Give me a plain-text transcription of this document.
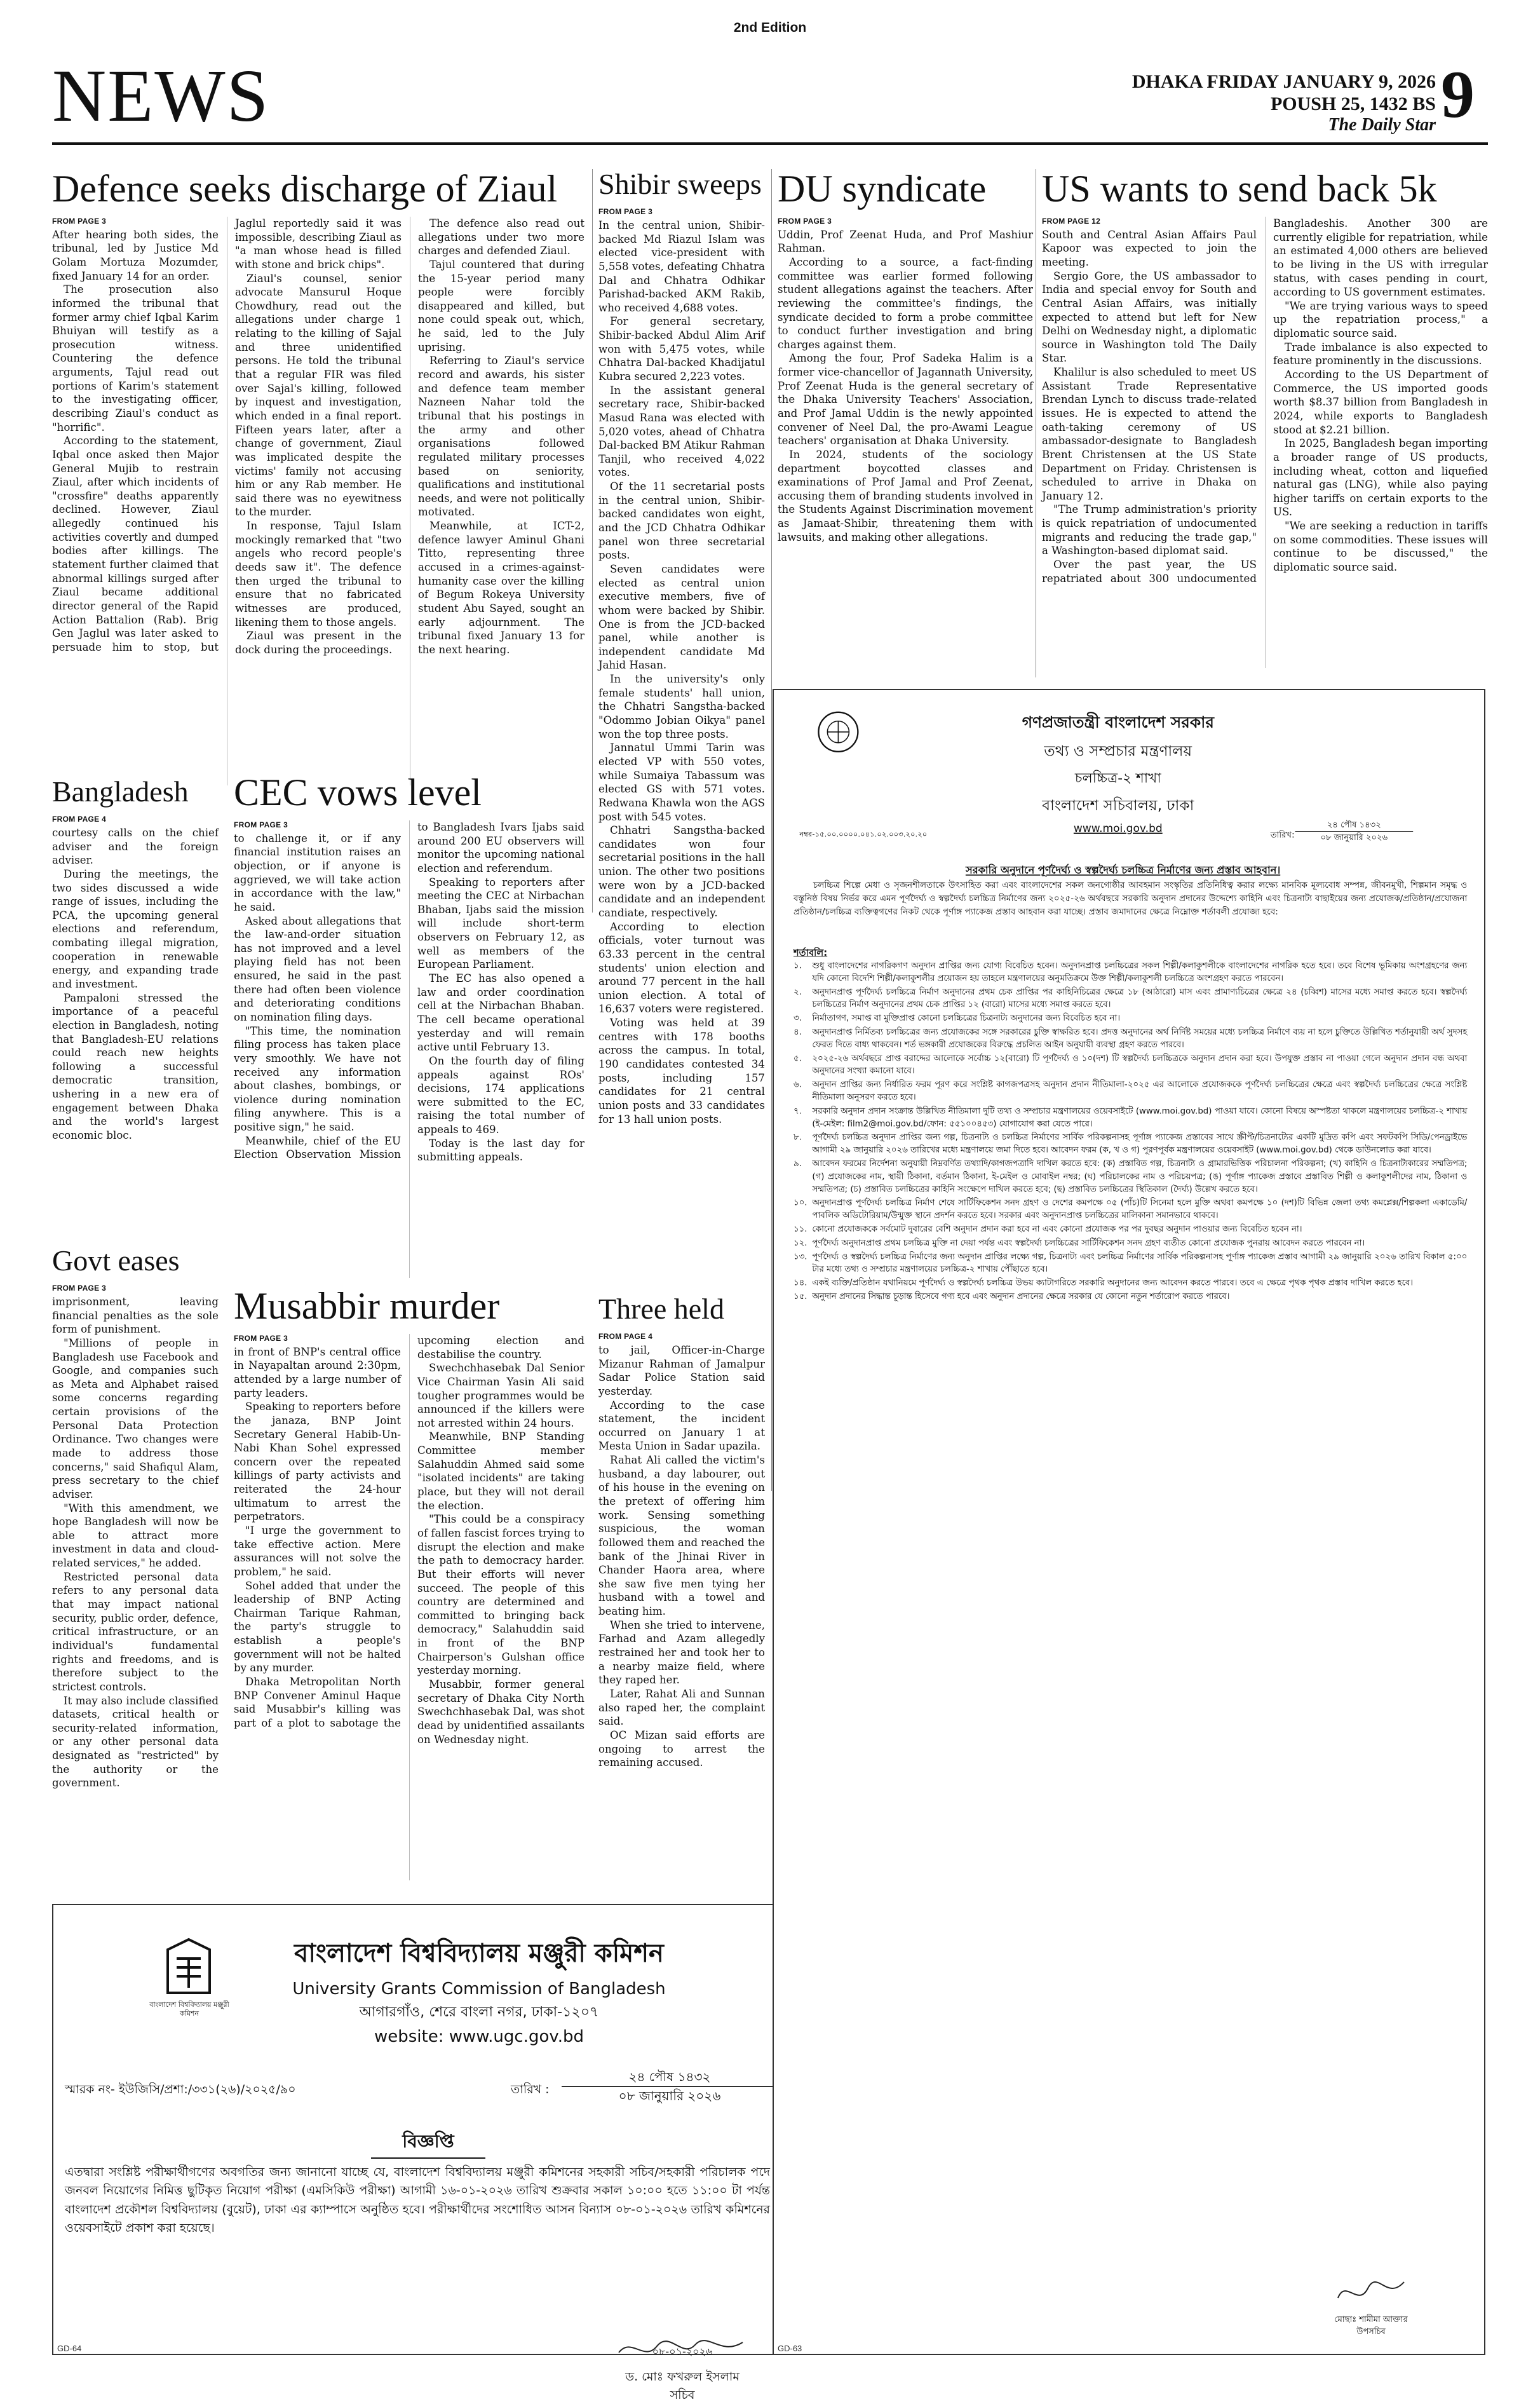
2nd Edition
NEWS	DHAKA FRIDAY JANUARY 9, 2026
POUSH 25, 1432 BS
The Daily Star 9
Defence seeks discharge of Ziaul
FROM PAGE 3

After hearing both sides, the tribunal, led by Justice Md Golam Mortuza Mozumder, fixed January 14 for an order.

The prosecution also informed the tribunal that former army chief Iqbal Karim Bhuiyan will testify as a prosecution witness. Countering the defence arguments, Tajul read out portions of Karim's statement to the investigating officer, describing Ziaul's conduct as "horrific".

According to the statement, Iqbal once asked then Major General Mujib to restrain Ziaul, after which incidents of "crossfire" deaths apparently declined. However, Ziaul allegedly continued his activities covertly and dumped bodies after killings. The statement further claimed that abnormal killings surged after Ziaul became additional director general of the Rapid Action Battalion (Rab). Brig Gen Jaglul was later asked to persuade him to stop, but Jaglul reportedly said it was impossible, describing Ziaul as "a man whose head is filled with stone and brick chips".

Ziaul's counsel, senior advocate Mansurul Hoque Chowdhury, read out the allegations under charge 1 relating to the killing of Sajal and three unidentified persons. He told the tribunal that a regular FIR was filed over Sajal's killing, followed by inquest and investigation, which ended in a final report. Fifteen years later, after a change of government, Ziaul was implicated despite the victims' family not accusing him or any Rab member. He said there was no eyewitness to the murder.

In response, Tajul Islam mockingly remarked that "two angels who record people's deeds saw it". The defence then urged the tribunal to ensure that no fabricated witnesses are produced, likening them to those angels.

Ziaul was present in the dock during the proceedings.

The defence also read out allegations under two more charges and defended Ziaul.

Tajul countered that during the 15-year period many people were forcibly disappeared and killed, but none could speak out, which, he said, led to the July uprising.

Referring to Ziaul's service record and awards, his sister and defence team member Nazneen Nahar told the tribunal that his postings in the army and other organisations followed regulated military processes based on seniority, qualifications and institutional needs, and were not politically motivated.

Meanwhile, at ICT-2, defence lawyer Aminul Ghani Titto, representing three accused in a crimes-against-humanity case over the killing of Begum Rokeya University student Abu Sayed, sought an early adjournment. The tribunal fixed January 13 for the next hearing.

Shibir sweeps
FROM PAGE 3

In the central union, Shibir-backed Md Riazul Islam was elected vice-president with 5,558 votes, defeating Chhatra Dal and Chhatra Odhikar Parishad-backed AKM Rakib, who received 4,688 votes.

For general secretary, Shibir-backed Abdul Alim Arif won with 5,475 votes, while Chhatra Dal-backed Khadijatul Kubra secured 2,223 votes.

In the assistant general secretary race, Shibir-backed Masud Rana was elected with 5,020 votes, ahead of Chhatra Dal-backed BM Atikur Rahman Tanjil, who received 4,022 votes.

Of the 11 secretarial posts in the central union, Shibir-backed candidates won eight, and the JCD Chhatra Odhikar panel won three secretarial posts.

Seven candidates were elected as central union executive members, five of whom were backed by Shibir. One is from the JCD-backed panel, while another is independent candidate Md Jahid Hasan.

In the university's only female students' hall union, the Chhatri Sangstha-backed "Odommo Jobian Oikya" panel won the top three posts.

Jannatul Ummi Tarin was elected VP with 550 votes, while Sumaiya Tabassum was elected GS with 571 votes. Redwana Khawla won the AGS post with 545 votes.

Chhatri Sangstha-backed candidates won four secretarial positions in the hall union. The other two positions were won by a JCD-backed candidate and an independent candiate, respectively.

According to election officials, voter turnout was 63.33 percent in the central students' union election and around 77 percent in the hall union election. A total of 16,637 voters were registered.

Voting was held at 39 centres with 178 booths across the campus. In total, 190 candidates contested 34 posts, including 157 candidates for 21 central union posts and 33 candidates for 13 hall union posts.

DU syndicate
FROM PAGE 3

Uddin, Prof Zeenat Huda, and Prof Mashiur Rahman.

According to a source, a fact-finding committee was earlier formed following student allegations against the teachers. After reviewing the committee's findings, the syndicate decided to form a probe committee to conduct further investigation and bring charges against them.

Among the four, Prof Sadeka Halim is a former vice-chancellor of Jagannath University, Prof Zeenat Huda is the general secretary of the Dhaka University Teachers' Association, and Prof Jamal Uddin is the newly appointed convener of Neel Dal, the pro-Awami League teachers' organisation at Dhaka University.

In 2024, students of the sociology department boycotted classes and examinations of Prof Jamal and Prof Zeenat, accusing them of branding students involved in the Students Against Discrimination movement as Jamaat-Shibir, threatening them with lawsuits, and making other allegations.

US wants to send back 5k
FROM PAGE 12

South and Central Asian Affairs Paul Kapoor was expected to join the meeting.

Sergio Gore, the US ambassador to India and special envoy for South and Central Asian Affairs, was initially expected to attend but left for New Delhi on Wednesday night, a diplomatic source in Washington told The Daily Star.

Khalilur is also scheduled to meet US Assistant Trade Representative Brendan Lynch to discuss trade-related issues. He is expected to attend the oath-taking ceremony of US ambassador-designate to Bangladesh Brent Christensen at the US State Department on Friday. Christensen is scheduled to arrive in Dhaka on January 12.

"The Trump administration's priority is quick repatriation of undocumented migrants and reducing the trade gap," a Washington-based diplomat said.

Over the past year, the US repatriated about 300 undocumented Bangladeshis. Another 300 are currently eligible for repatriation, while an estimated 4,000 others are believed to be living in the US with irregular status, with cases pending in court, according to US government estimates.

"We are trying various ways to speed up the repatriation process," a diplomatic source said.

Trade imbalance is also expected to feature prominently in the discussions.

According to the US Department of Commerce, the US imported goods worth $8.37 billion from Bangladesh in 2024, while exports to Bangladesh stood at $2.21 billion.

In 2025, Bangladesh began importing a broader range of US products, including wheat, cotton and liquefied natural gas (LNG), while also paying higher tariffs on certain exports to the US.

"We are seeking a reduction in tariffs on some commodities. These issues will continue to be discussed," the diplomatic source said.

Bangladesh
FROM PAGE 4

courtesy calls on the chief adviser and the foreign adviser.

During the meetings, the two sides discussed a wide range of issues, including the PCA, the upcoming general elections and referendum, combating illegal migration, cooperation in renewable energy, and expanding trade and investment.

Pampaloni stressed the importance of a peaceful election in Bangladesh, noting that Bangladesh-EU relations could reach new heights following a successful democratic transition, ushering in a new era of engagement between Dhaka and the world's largest economic bloc.

CEC vows level
FROM PAGE 3

to challenge it, or if any financial institution raises an objection, or if anyone is aggrieved, we will take action in accordance with the law," he said.

Asked about allegations that the law-and-order situation has not improved and a level playing field has not been ensured, he said in the past there had often been violence and deteriorating conditions on nomination filing days.

"This time, the nomination filing process has taken place very smoothly. We have not received any information about clashes, bombings, or violence during nomination filing anywhere. This is a positive sign," he said.

Meanwhile, chief of the EU Election Observation Mission to Bangladesh Ivars Ijabs said around 200 EU observers will monitor the upcoming national election and referendum.

Speaking to reporters after meeting the CEC at Nirbachan Bhaban, Ijabs said the mission will include short-term observers on February 12, as well as members of the European Parliament.

The EC has also opened a law and order coordination cell at the Nirbachan Bhaban. The cell became operational yesterday and will remain active until February 13.

On the fourth day of filing appeals against ROs' decisions, 174 applications were submitted to the EC, raising the total number of appeals to 469.

Today is the last day for submitting appeals.

Govt eases
FROM PAGE 3

imprisonment, leaving financial penalties as the sole form of punishment.

"Millions of people in Bangladesh use Facebook and Google, and companies such as Meta and Alphabet raised some concerns regarding certain provisions of the Personal Data Protection Ordinance. Two changes were made to address those concerns," said Shafiqul Alam, press secretary to the chief adviser.

"With this amendment, we hope Bangladesh will now be able to attract more investment in data and cloud-related services," he added.

Restricted personal data refers to any personal data that may impact national security, public order, defence, critical infrastructure, or an individual's fundamental rights and freedoms, and is therefore subject to the strictest controls.

It may also include classified datasets, critical health or security-related information, or any other personal data designated as "restricted" by the authority or the government.

Musabbir murder
FROM PAGE 3

in front of BNP's central office in Nayapaltan around 2:30pm, attended by a large number of party leaders.

Speaking to reporters before the janaza, BNP Joint Secretary General Habib-Un-Nabi Khan Sohel expressed concern over the repeated killings of party activists and reiterated the 24-hour ultimatum to arrest the perpetrators.

"I urge the government to take effective action. Mere assurances will not solve the problem," he said.

Sohel added that under the leadership of BNP Acting Chairman Tarique Rahman, the party's struggle to establish a people's government will not be halted by any murder.

Dhaka Metropolitan North BNP Convener Aminul Haque said Musabbir's killing was part of a plot to sabotage the upcoming election and destabilise the country.

Swechchhasebak Dal Senior Vice Chairman Yasin Ali said tougher programmes would be announced if the killers were not arrested within 24 hours.

Meanwhile, BNP Standing Committee member Salahuddin Ahmed said some "isolated incidents" are taking place, but they will not derail the election.

"This could be a conspiracy of fallen fascist forces trying to disrupt the election and make the path to democracy harder. But their efforts will never succeed. The people of this country are determined and committed to bringing back democracy," Salahuddin said in front of the BNP Chairperson's Gulshan office yesterday morning.

Musabbir, former general secretary of Dhaka City North Swechchhasebak Dal, was shot dead by unidentified assailants on Wednesday night.

Three held
FROM PAGE 4

to jail, Officer-in-Charge Mizanur Rahman of Jamalpur Sadar Police Station said yesterday.

According to the case statement, the incident occurred on January 1 at Mesta Union in Sadar upazila.

Rahat Ali called the victim's husband, a day labourer, out of his house in the evening on the pretext of offering him work. Sensing something suspicious, the woman followed them and reached the bank of the Jhinai River in Chander Haora area, where she saw five men tying her husband with a towel and beating him.

When she tried to intervene, Farhad and Azam allegedly restrained her and took her to a nearby maize field, where they raped her.

Later, Rahat Ali and Sunnan also raped her, the complaint said.

OC Mizan said efforts are ongoing to arrest the remaining accused.

বাংলাদেশ বিশ্ববিদ্যালয় মঞ্জুরী কমিশন
বাংলাদেশ বিশ্ববিদ্যালয় মঞ্জুরী কমিশন
University Grants Commission of Bangladesh
আগারগাঁও, শেরে বাংলা নগর, ঢাকা-১২০৭
website: www.ugc.gov.bd
স্মারক নং- ইউজিসি/প্রশা:/৩৩১(২৬)/২০২৫/৯০	তারিখ :
২৪ পৌষ ১৪৩২
০৮ জানুয়ারি ২০২৬
বিজ্ঞপ্তি
এতদ্বারা সংশ্লিষ্ট পরীক্ষার্থীগণের অবগতির জন্য জানানো যাচ্ছে যে, বাংলাদেশ বিশ্ববিদ্যালয় মঞ্জুরী কমিশনের সহকারী সচিব/সহকারী পরিচালক পদে জনবল নিয়োগের নিমিত্ত ছুটিকৃত নিয়োগ পরীক্ষা (এমসিকিউ পরীক্ষা) আগামী ১৬-০১-২০২৬ তারিখ শুক্রবার সকাল ১০:০০ হতে ১১:০০ টা পর্যন্ত বাংলাদেশ প্রকৌশল বিশ্ববিদ্যালয় (বুয়েট), ঢাকা এর ক্যাম্পাসে অনুষ্ঠিত হবে। পরীক্ষার্থীদের সংশোধিত আসন বিন্যাস ০৮-০১-২০২৬ তারিখ কমিশনের ওয়েবসাইটে প্রকাশ করা হয়েছে।
০৮-০১-২০২৬
ড. মোঃ ফখরুল ইসলাম
সচিব
GD-64
গণপ্রজাতন্ত্রী বাংলাদেশ সরকার
তথ্য ও সম্প্রচার মন্ত্রণালয়
চলচ্চিত্র-২ শাখা
বাংলাদেশ সচিবালয়, ঢাকা
www.moi.gov.bd
নম্বর-১৫.০০.০০০০.০৪১.০২.০০৩.২০.২০	তারিখ:
২৪ পৌষ ১৪৩২
০৮ জানুয়ারি ২০২৬
সরকারি অনুদানে পূর্ণদৈর্ঘ্য ও স্বল্পদৈর্ঘ্য চলচ্চিত্র নির্মাণের জন্য প্রস্তাব আহবান।
চলচ্চিত্র শিল্পে মেধা ও সৃজনশীলতাকে উৎসাহিত করা এবং বাংলাদেশের সকল জনগোষ্ঠীর আবহমান সংস্কৃতির প্রতিনিধিত্ব করার লক্ষ্যে মানবিক মূল্যবোধ সম্পন্ন, জীবনমুখী, শিল্পমান সমৃদ্ধ ও বস্তুনিষ্ঠ বিষয় নির্ভর করে এমন পূর্ণদৈর্ঘ্য ও স্বল্পদৈর্ঘ্য চলচ্চিত্র নির্মাণের জন্য ২০২৫-২৬ অর্থবছরে সরকারি অনুদান প্রদানের উদ্দেশ্যে কাহিনি এবং চিত্রনাট্য বাছাইয়ের জন্য প্রযোজক/প্রতিষ্ঠান/প্রযোজনা প্রতিষ্ঠান/চলচ্চিত্র ব্যক্তিত্বগণের নিকট থেকে পূর্ণাঙ্গ প্যাকেজ প্রস্তাব আহবান করা যাচ্ছে। প্রস্তাব জমাদানের ক্ষেত্রে নিম্নোক্ত শর্তাবলী প্রযোজ্য হবে:
শর্তাবলি:
১. শুধু বাংলাদেশের নাগরিকগণ অনুদান প্রাপ্তির জন্য যোগ্য বিবেচিত হবেন। অনুদানপ্রাপ্ত চলচ্চিত্রের সকল শিল্পী/কলাকুশলীকে বাংলাদেশের নাগরিক হতে হবে। তবে বিশেষ ভূমিকায় অংশগ্রহণের জন্য যদি কোনো বিদেশি শিল্পী/কলাকুশলীর প্রয়োজন হয় তাহলে মন্ত্রণালয়ের অনুমতিক্রমে উক্ত শিল্পী/কলাকুশলী চলচ্চিত্রে অংশগ্রহণ করতে পারবেন।
২. অনুদানপ্রাপ্ত পূর্ণদৈর্ঘ্য চলচ্চিত্রে নির্মাণ অনুদানের প্রথম চেক প্রাপ্তির পর কাহিনিচিত্রের ক্ষেত্রে ১৮ (আঠারো) মাস এবং প্রামাণ্যচিত্রের ক্ষেত্রে ২৪ (চব্বিশ) মাসের মধ্যে সমাপ্ত করতে হবে। স্বল্পদৈর্ঘ্য চলচ্চিত্রের নির্মাণ অনুদানের প্রথম চেক প্রাপ্তির ১২ (বারো) মাসের মধ্যে সমাপ্ত করতে হবে।
৩. নির্মাতাগণ, সমাপ্ত বা মুক্তিপ্রাপ্ত কোনো চলচ্চিত্রের চিত্রনাট্য অনুদানের জন্য বিবেচিত হবে না।
৪. অনুদানপ্রাপ্ত নির্মিতব্য চলচ্চিত্রের জন্য প্রযোজকের সঙ্গে সরকারের চুক্তি স্বাক্ষরিত হবে। প্রদত্ত অনুদানের অর্থ নির্দিষ্ট সময়ের মধ্যে চলচ্চিত্র নির্মাণে ব্যয় না হলে চুক্তিতে উল্লিখিত শর্তানুযায়ী অর্থ সুদসহ ফেরত দিতে বাধ্য থাকবেন। শর্ত ভঙ্গকারী প্রযোজকের বিরুদ্ধে প্রচলিত আইন অনুযায়ী ব্যবস্থা গ্রহণ করতে পারবে।
৫. ২০২৫-২৬ অর্থবছরে প্রাপ্ত বরাদ্দের আলোকে সর্বোচ্চ ১২(বারো) টি পূর্ণদৈর্ঘ্য ও ১০(দশ) টি স্বল্পদৈর্ঘ্য চলচ্চিত্রকে অনুদান প্রদান করা হবে। উপযুক্ত প্রস্তাব না পাওয়া গেলে অনুদান প্রদান বন্ধ অথবা অনুদানের সংখ্যা কমানো যাবে।
৬. অনুদান প্রাপ্তির জন্য নির্ধারিত ফরম পূরণ করে সংশ্লিষ্ট কাগজপত্রসহ অনুদান প্রদান নীতিমালা-২০২৫ এর আলোকে প্রযোজককে পূর্ণদৈর্ঘ্য চলচ্চিত্রের ক্ষেত্রে এবং স্বল্পদৈর্ঘ্য চলচ্চিত্রের ক্ষেত্রে সংশ্লিষ্ট নীতিমালা অনুসরণ করতে হবে।
৭. সরকারি অনুদান প্রদান সংক্রান্ত উল্লিখিত নীতিমালা দুটি তথ্য ও সম্প্রচার মন্ত্রণালয়ের ওয়েবসাইটে (www.moi.gov.bd) পাওয়া যাবে। কোনো বিষয়ে অস্পষ্টতা থাকলে মন্ত্রণালয়ের চলচ্চিত্র-২ শাখায় (ই-মেইল: film2@moi.gov.bd/ফোন: ৫৫১০০৪৫৩) যোগাযোগ করা যেতে পারে।
৮. পূর্ণদৈর্ঘ্য চলচ্চিত্র অনুদান প্রাপ্তির জন্য গল্প, চিত্রনাট্য ও চলচ্চিত্র নির্মাণের সার্বিক পরিকল্পনাসহ পূর্ণাঙ্গ প্যাকেজ প্রস্তাবের সাথে স্ক্রীপ্ট/চিত্রনাট্যের একটি মুদ্রিত কপি এবং সফটকপি সিডি/পেনড্রাইভে আগামী ২৯ জানুয়ারি ২০২৬ তারিখের মধ্যে মন্ত্রণালয়ে জমা দিতে হবে। আবেদন ফরম (ক, খ ও গ) পূরণপূর্বক মন্ত্রণালয়ের ওয়েবসাইট (www.moi.gov.bd) থেকে ডাউনলোড করা যাবে।
৯. আবেদন ফরমের নির্দেশনা অনুযায়ী নিম্নবর্ণিত তথ্যাদি/কাগজপত্রাদি দাখিল করতে হবে: (ক) প্রস্তাবিত গল্প, চিত্রনাট্য ও গ্রামারভিত্তিক পরিচালনা পরিকল্পনা; (খ) কাহিনি ও চিত্রনাট্যকারের সম্মতিপত্র; (গ) প্রযোজকের নাম, স্থায়ী ঠিকানা, বর্তমান ঠিকানা, ই-মেইল ও মোবাইল নম্বর; (ঘ) পরিচালকের নাম ও পরিচয়পত্র; (ঙ) পূর্ণাঙ্গ প্যাকেজ প্রস্তাবে প্রস্তাবিত শিল্পী ও কলাকুশলীদের নাম, ঠিকানা ও সম্মতিপত্র; (চ) প্রস্তাবিত চলচ্চিত্রের কাহিনি সংক্ষেপে দাখিল করতে হবে; (ছ) প্রস্তাবিত চলচ্চিত্রের স্থিতিকাল (দৈর্ঘ্য) উল্লেখ করতে হবে।
১০. অনুদানপ্রাপ্ত পূর্ণদৈর্ঘ্য চলচ্চিত্র নির্মাণ শেষে সার্টিফিকেশন সনদ গ্রহণ ও দেশের কমপক্ষে ০৫ (পাঁচ)টি সিনেমা হলে মুক্তি অথবা কমপক্ষে ১০ (দশ)টি বিভিন্ন জেলা তথ্য কমপ্লেক্স/শিল্পকলা একাডেমি/পাবলিক অডিটোরিয়াম/উন্মুক্ত স্থানে প্রদর্শন করতে হবে। সরকার এবং অনুদানপ্রাপ্ত চলচ্চিত্রের মালিকানা সমানভাবে থাকবে।
১১. কোনো প্রযোজককে সর্বমোট দুবারের বেশি অনুদান প্রদান করা হবে না এবং কোনো প্রযোজক পর পর দুবছর অনুদান পাওয়ার জন্য বিবেচিত হবেন না।
১২. পূর্ণদৈর্ঘ্য অনুদানপ্রাপ্ত প্রথম চলচ্চিত্র মুক্তি না দেয়া পর্যন্ত এবং স্বল্পদৈর্ঘ্য চলচ্চিত্রের সার্টিফিকেশন সনদ গ্রহণ ব্যতীত কোনো প্রযোজক পুনরায় আবেদন করতে পারবেন না।
১৩. পূর্ণদৈর্ঘ্য ও স্বল্পদৈর্ঘ্য চলচ্চিত্র নির্মাণের জন্য অনুদান প্রাপ্তির লক্ষ্যে গল্প, চিত্রনাট্য এবং চলচ্চিত্র নির্মাণের সার্বিক পরিকল্পনাসহ পূর্ণাঙ্গ প্যাকেজ প্রস্তাব আগামী ২৯ জানুয়ারি ২০২৬ তারিখ বিকাল ৫:০০ টার মধ্যে তথ্য ও সম্প্রচার মন্ত্রণালয়ের চলচ্চিত্র-২ শাখায় পৌঁছাতে হবে।
১৪. একই ব্যক্তি/প্রতিষ্ঠান যথানিয়মে পূর্ণদৈর্ঘ্য ও স্বল্পদৈর্ঘ্য চলচ্চিত্র উভয় ক্যাটাগরিতে সরকারি অনুদানের জন্য আবেদন করতে পারবে। তবে এ ক্ষেত্রে পৃথক পৃথক প্রস্তাব দাখিল করতে হবে।
১৫. অনুদান প্রদানের সিদ্ধান্ত চূড়ান্ত হিসেবে গণ্য হবে এবং অনুদান প্রদানের ক্ষেত্রে সরকার যে কোনো নতুন শর্তারোপ করতে পারবে।
মোছাঃ শামীমা আক্তার
উপসচিব
GD-63
